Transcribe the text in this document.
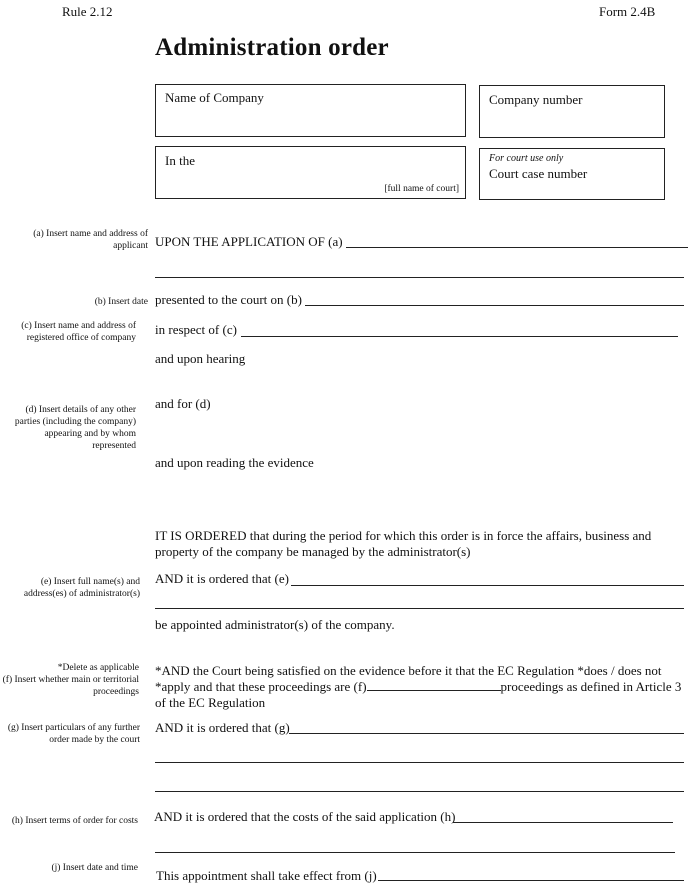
Rule 2.12	Form 2.4B
Administration order
Name of Company	Company number
In the
[full name of court]
For court use only
Court case number
(a) Insert name and address of applicant
(b) Insert date
(c) Insert name and address of registered office of company
(d) Insert details of any other parties (including the company) appearing and by whom represented
(e) Insert full name(s) and address(es) of administrator(s)
*Delete as applicable
(f) Insert whether main or territorial proceedings
(g) Insert particulars of any further order made by the court
(h) Insert terms of order for costs
(j) Insert date and time
UPON THE APPLICATION OF (a)
presented to the court on (b)
in respect of (c)
and upon hearing
and for (d)
and upon reading the evidence
IT IS ORDERED that during the period for which this order is in force the affairs, business and property of the company be managed by the administrator(s)
AND it is ordered that (e)
be appointed administrator(s) of the company.
*AND the Court being satisfied on the evidence before it that the EC Regulation *does / does not *apply and that these proceedings are (f)	proceedings as defined in Article 3 of the EC Regulation
AND it is ordered that (g)
AND it is ordered that the costs of the said application (h)
This appointment shall take effect from (j)
